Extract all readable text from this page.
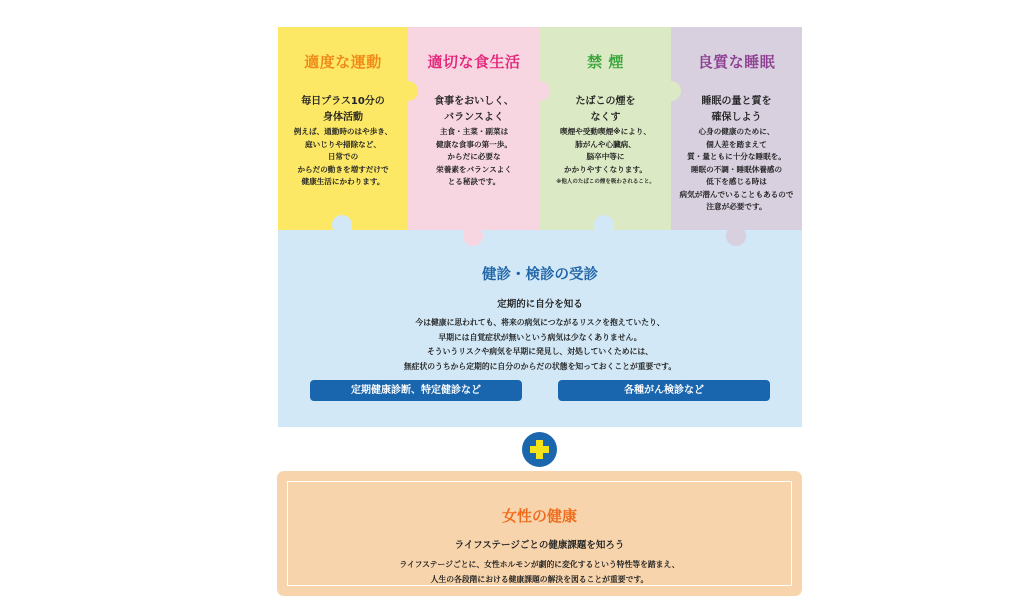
適度な運動
毎日プラス10分の
身体活動
例えば、通勤時のはや歩き、
庭いじりや掃除など、
日常での
からだの動きを増すだけで
健康生活にかわります。
適切な食生活
食事をおいしく、
バランスよく
主食・主菜・副菜は
健康な食事の第一歩。
からだに必要な
栄養素をバランスよく
とる秘訣です。
禁 煙
たばこの煙を
なくす
喫煙や受動喫煙※により、
肺がんや心臓病、
脳卒中等に
かかりやすくなります。
※他人のたばこの煙を吸わされること。
良質な睡眠
睡眠の量と質を
確保しよう
心身の健康のために、
個人差を踏まえて
質・量ともに十分な睡眠を。
睡眠の不調・睡眠休養感の
低下を感じる時は
病気が潜んでいることもあるので
注意が必要です。
健診・検診の受診
定期的に自分を知る
今は健康に思われても、将来の病気につながるリスクを抱えていたり、
早期には自覚症状が無いという病気は少なくありません。
そういうリスクや病気を早期に発見し、対処していくためには、
無症状のうちから定期的に自分のからだの状態を知っておくことが重要です。
定期健康診断、特定健診など	各種がん検診など
女性の健康
ライフステージごとの健康課題を知ろう
ライフステージごとに、女性ホルモンが劇的に変化するという特性等を踏まえ、
人生の各段階における健康課題の解決を図ることが重要です。
